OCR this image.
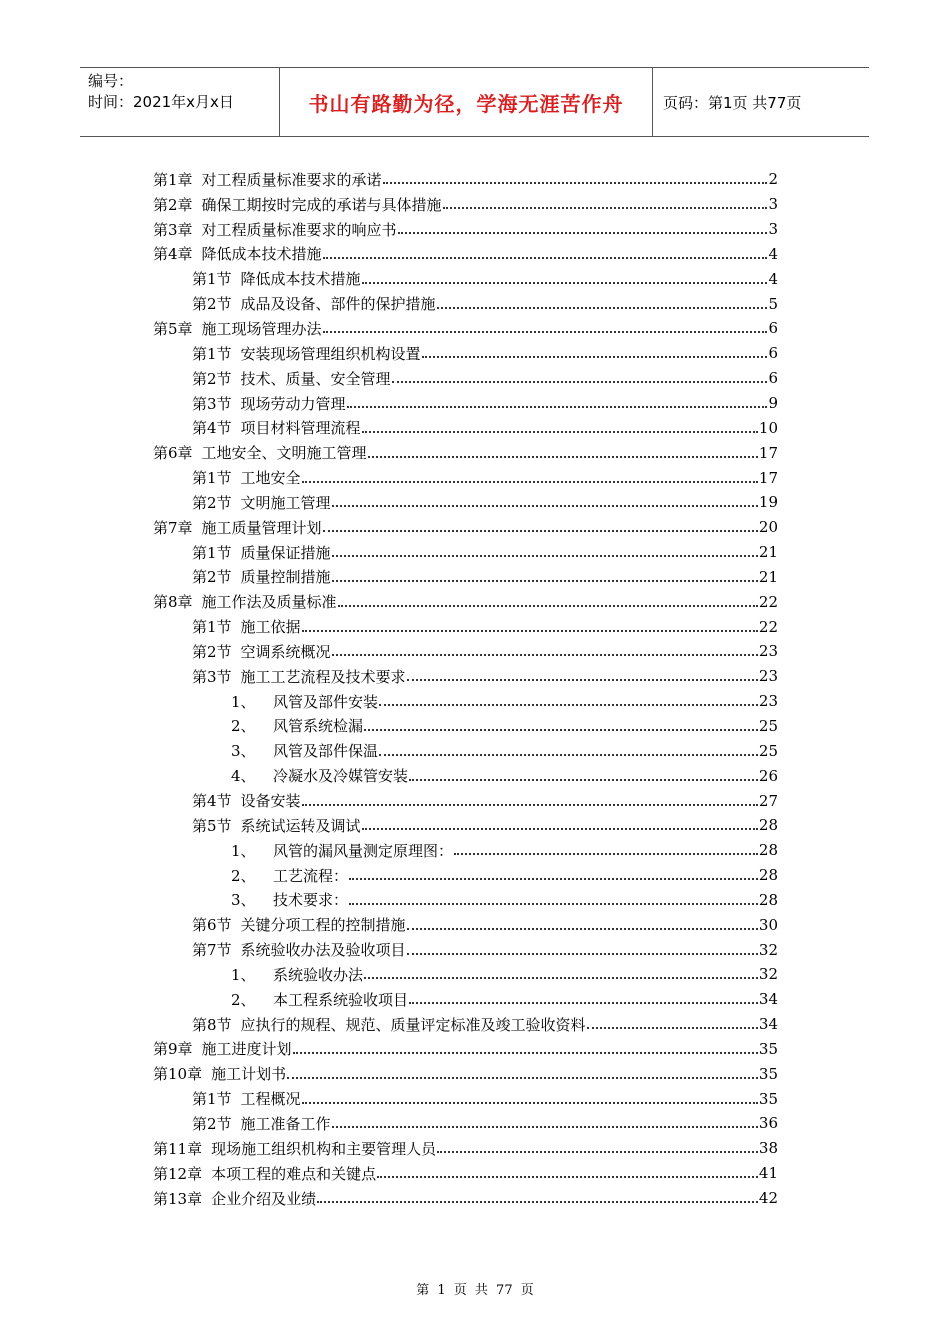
编号：
时间：2021年x月x日	书山有路勤为径，学海无涯苦作舟	页码：第1页 共77页
第1章 对工程质量标准要求的承诺	2
第2章 确保工期按时完成的承诺与具体措施	3
第3章 对工程质量标准要求的响应书	3
第4章 降低成本技术措施	4
第1节 降低成本技术措施	4
第2节 成品及设备、部件的保护措施	5
第5章 施工现场管理办法	6
第1节 安装现场管理组织机构设置	6
第2节 技术、质量、安全管理	6
第3节 现场劳动力管理	9
第4节 项目材料管理流程	10
第6章 工地安全、文明施工管理	17
第1节 工地安全	17
第2节 文明施工管理	19
第7章 施工质量管理计划	20
第1节 质量保证措施	21
第2节 质量控制措施	21
第8章 施工作法及质量标准	22
第1节 施工依据	22
第2节 空调系统概况	23
第3节 施工工艺流程及技术要求	23
1、	风管及部件安装	23
2、	风管系统检漏	25
3、	风管及部件保温	25
4、	冷凝水及冷媒管安装	26
第4节 设备安装	27
第5节 系统试运转及调试	28
1、	风管的漏风量测定原理图：	28
2、	工艺流程：	28
3、	技术要求：	28
第6节 关键分项工程的控制措施	30
第7节 系统验收办法及验收项目	32
1、	系统验收办法	32
2、	本工程系统验收项目	34
第8节 应执行的规程、规范、质量评定标准及竣工验收资料	34
第9章 施工进度计划	35
第10章 施工计划书	35
第1节 工程概况	35
第2节 施工准备工作	36
第11章 现场施工组织机构和主要管理人员	38
第12章 本项工程的难点和关键点	41
第13章 企业介绍及业绩	42
第 1 页 共 77 页
